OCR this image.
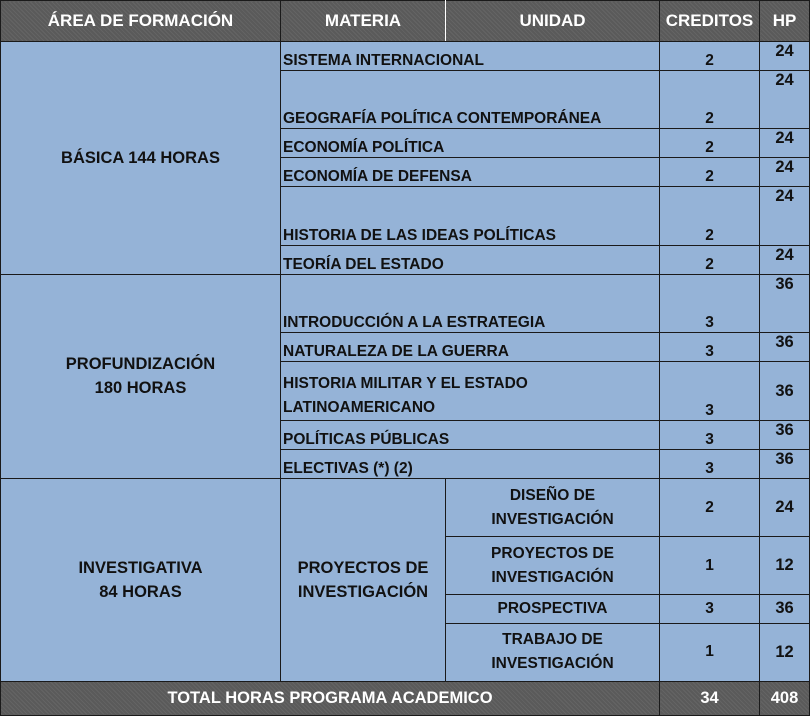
ÁREA DE FORMACIÓN	MATERIA	UNIDAD	CREDITOS	HP

BÁSICA 144 HORAS	SISTEMA INTERNACIONAL		2	24
	GEOGRAFÍA POLÍTICA CONTEMPORÁNEA		2	24
	ECONOMÍA POLÍTICA		2	24
	ECONOMÍA DE DEFENSA		2	24
	HISTORIA DE LAS IDEAS POLÍTICAS		2	24
	TEORÍA DEL ESTADO		2	24

PROFUNDIZACIÓN
180 HORAS	INTRODUCCIÓN A LA ESTRATEGIA		3	36
	NATURALEZA DE LA GUERRA		3	36
	HISTORIA MILITAR Y EL ESTADO LATINOAMERICANO		3	36
	POLÍTICAS PÚBLICAS		3	36
	ELECTIVAS (*) (2)		3	36

INVESTIGATIVA
84 HORAS	PROYECTOS DE INVESTIGACIÓN	DISEÑO DE INVESTIGACIÓN	2	24
		PROYECTOS DE INVESTIGACIÓN	1	12
		PROSPECTIVA	3	36
		TRABAJO DE INVESTIGACIÓN	1	12
TOTAL HORAS PROGRAMA ACADEMICO			34	408
